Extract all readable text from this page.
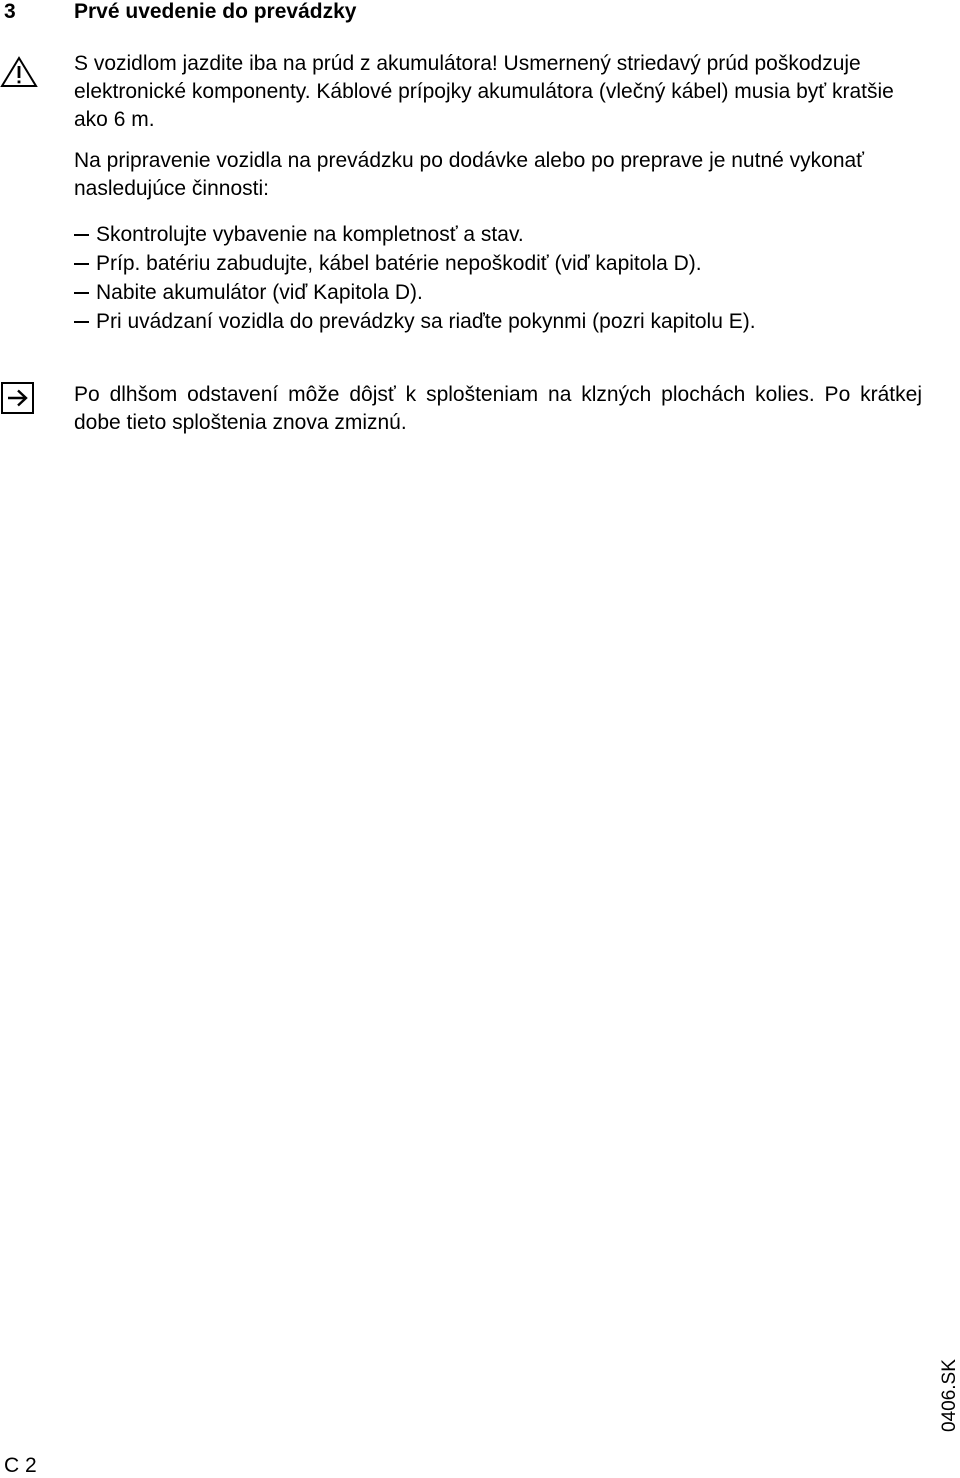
3	Prvé uvedenie do prevádzky

S vozidlom jazdite iba na prúd z akumulátora! Usmernený striedavý prúd poškodzuje elektronické komponenty. Káblové prípojky akumulátora (vlečný kábel) musia byť kratšie ako 6 m.

Na pripravenie vozidla na prevádzku po dodávke alebo po preprave je nutné vykonať nasledujúce činnosti:

Skontrolujte vybavenie na kompletnosť a stav.
Príp. batériu zabudujte, kábel batérie nepoškodiť (viď kapitola D).
Nabite akumulátor (viď Kapitola D).
Pri uvádzaní vozidla do prevádzky sa riaďte pokynmi (pozri kapitolu E).

Po dlhšom odstavení môže dôjsť k splošteniam na klzných plochách kolies. Po krátkej dobe tieto sploštenia znova zmiznú.

C 2
0406.SK
